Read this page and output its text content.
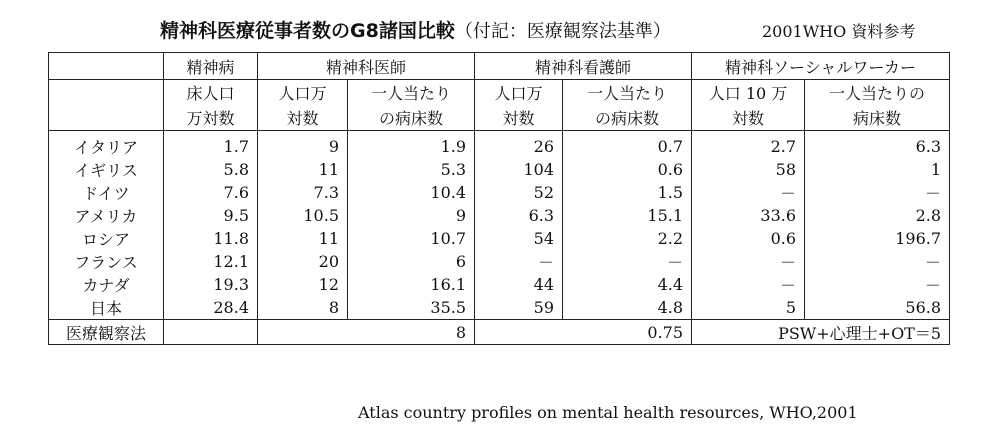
精神科医療従事者数のG8諸国比較（付記：医療観察法基準）	2001WHO 資料参考
	精神病	精神科医師		精神科看護師		精神科ソーシャルワーカー	
	床人口	人口万	一人当たり	人口万	一人当たり	人口 10 万	一人当たりの
	万対数	対数	の病床数	対数	の病床数	対数	病床数
イタリア	1.7	9	1.9	26	0.7	2.7	6.3
イギリス	5.8	11	5.3	104	0.6	58	1
ドイツ	7.6	7.3	10.4	52	1.5	－	－
アメリカ	9.5	10.5	9	6.3	15.1	33.6	2.8
ロシア	11.8	11	10.7	54	2.2	0.6	196.7
フランス	12.1	20	6	－	－	－	－
カナダ	19.3	12	16.1	44	4.4	－	－
日本	28.4	8	35.5	59	4.8	5	56.8
医療観察法		8		0.75		PSW+心理士+OT＝5	
Atlas country profiles on mental health resources, WHO,2001
